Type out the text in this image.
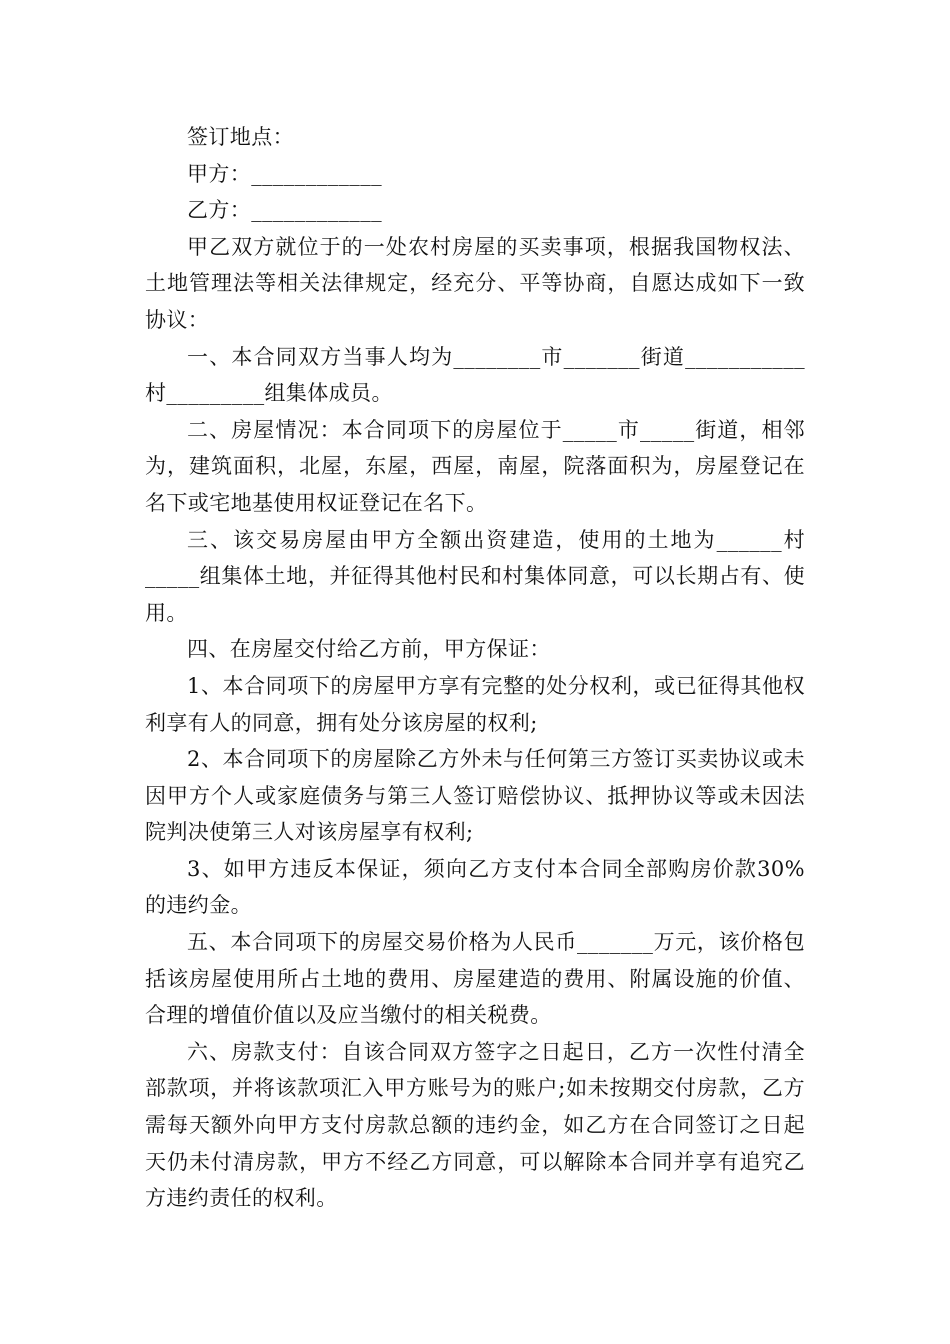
签订地点：

甲方：____________

乙方：____________

甲乙双方就位于的一处农村房屋的买卖事项，根据我国物权法、土地管理法等相关法律规定，经充分、平等协商，自愿达成如下一致协议：

一、本合同双方当事人均为________市_______街道___________村_________组集体成员。

二、房屋情况：本合同项下的房屋位于_____市_____街道，相邻为，建筑面积，北屋，东屋，西屋，南屋，院落面积为，房屋登记在名下或宅地基使用权证登记在名下。

三、该交易房屋由甲方全额出资建造，使用的土地为______村_____组集体土地，并征得其他村民和村集体同意，可以长期占有、使用。

四、在房屋交付给乙方前，甲方保证：

1、本合同项下的房屋甲方享有完整的处分权利，或已征得其他权利享有人的同意，拥有处分该房屋的权利;

2、本合同项下的房屋除乙方外未与任何第三方签订买卖协议或未因甲方个人或家庭债务与第三人签订赔偿协议、抵押协议等或未因法院判决使第三人对该房屋享有权利;

3、如甲方违反本保证，须向乙方支付本合同全部购房价款30%的违约金。

五、本合同项下的房屋交易价格为人民币_______万元，该价格包括该房屋使用所占土地的费用、房屋建造的费用、附属设施的价值、合理的增值价值以及应当缴付的相关税费。

六、房款支付：自该合同双方签字之日起日，乙方一次性付清全部款项，并将该款项汇入甲方账号为的账户;如未按期交付房款，乙方需每天额外向甲方支付房款总额的违约金，如乙方在合同签订之日起天仍未付清房款，甲方不经乙方同意，可以解除本合同并享有追究乙方违约责任的权利。
